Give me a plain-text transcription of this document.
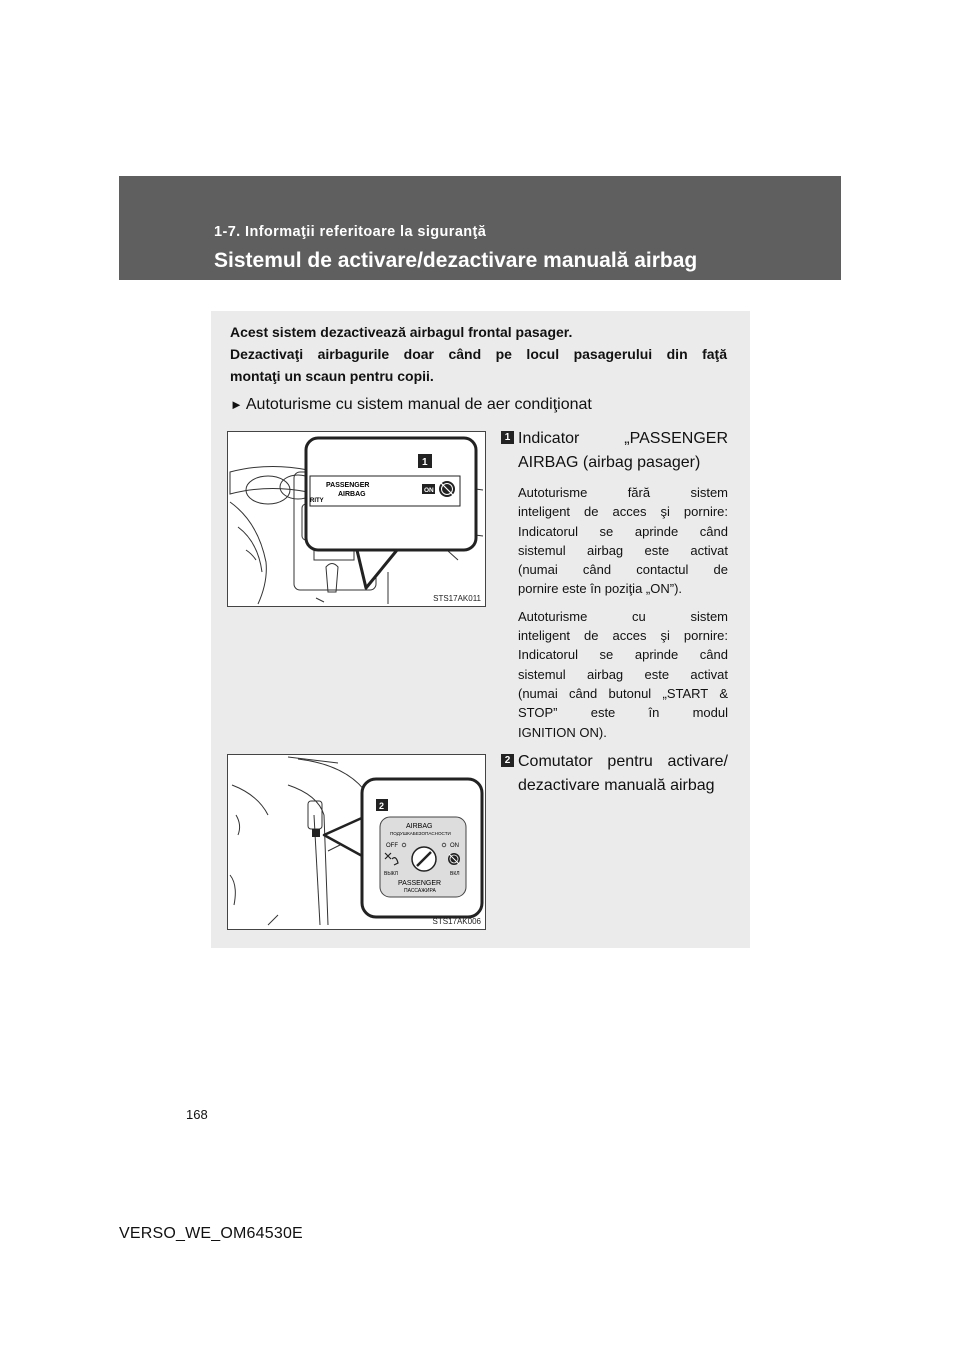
1-7. Informaţii referitoare la siguranţă
Sistemul de activare/dezactivare manuală airbag

Acest sistem dezactivează airbagul frontal pasager.

Dezactivaţi airbagurile doar când pe locul pasagerului din faţă

montaţi un scaun pentru copii.

► Autoturisme cu sistem manual de aer condiţionat
PASSENGER
AIRBAG
RITY
ON
1
STS17AK011
1 Indicator „PASSENGER
AIRBAG (airbag pasager)

Autoturisme fără sistem
inteligent de acces şi pornire:
Indicatorul se aprinde când
sistemul airbag este activat
(numai când contactul de
pornire este în poziţia „ON”).

Autoturisme cu sistem
inteligent de acces şi pornire:
Indicatorul se aprinde când
sistemul airbag este activat
(numai când butonul „START &
STOP” este în modul
IGNITION ON).

2
AIRBAG
ПОДУШКАБЕЗОПАСНОСТИ
OFF	ON
ВЫКЛ	ВКЛ
PASSENGER
ПАССАЖИРА
STS17AK006
2 Comutator pentru activare/
dezactivare manuală airbag
168
VERSO_WE_OM64530E
